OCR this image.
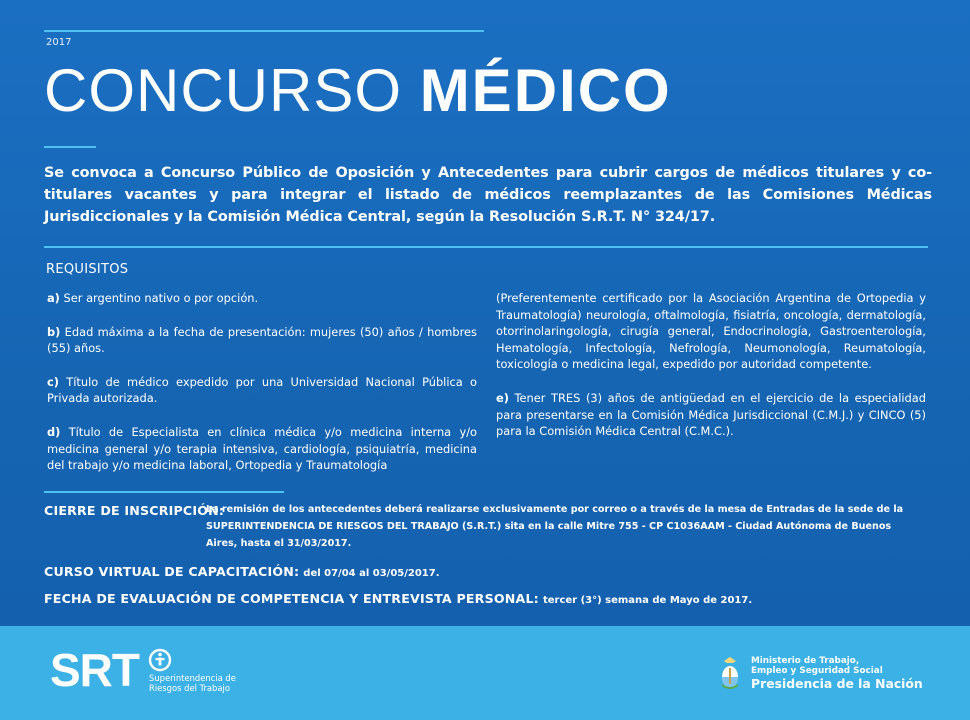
2017
CONCURSO MÉDICO
Se convoca a Concurso Público de Oposición y Antecedentes para cubrir cargos de médicos titulares y co-titulares vacantes y para integrar el listado de médicos reemplazantes de las Comisiones Médicas Jurisdiccionales y la Comisión Médica Central, según la Resolución S.R.T. N° 324/17.
REQUISITOS
a) Ser argentino nativo o por opción.
b) Edad máxima a la fecha de presentación: mujeres (50) años / hombres (55) años.
c) Título de médico expedido por una Universidad Nacional Pública o Privada autorizada.
d) Título de Especialista en clínica médica y/o medicina interna y/o medicina general y/o terapia intensiva, cardiología, psiquiatría, medicina del trabajo y/o medicina laboral, Ortopedia y Traumatología
(Preferentemente certificado por la Asociación Argentina de Ortopedia y Traumatología) neurología, oftalmología, fisiatría, oncología, dermatología, otorrinolaringología, cirugía general, Endocrinología, Gastroenterología, Hematología, Infectología, Nefrología, Neumonología, Reumatología, toxicología o medicina legal, expedido por autoridad competente.
e) Tener TRES (3) años de antigüedad en el ejercicio de la especialidad para presentarse en la Comisión Médica Jurisdiccional (C.M.J.) y CINCO (5) para la Comisión Médica Central (C.M.C.).
CIERRE DE INSCRIPCIÓN:
La remisión de los antecedentes deberá realizarse exclusivamente por correo o a través de la mesa de Entradas de la sede de la
SUPERINTENDENCIA DE RIESGOS DEL TRABAJO (S.R.T.) sita en la calle Mitre 755 - CP C1036AAM - Ciudad Autónoma de Buenos
Aires, hasta el 31/03/2017.
CURSO VIRTUAL DE CAPACITACIÓN: del 07/04 al 03/05/2017.
FECHA DE EVALUACIÓN DE COMPETENCIA Y ENTREVISTA PERSONAL: tercer (3°) semana de Mayo de 2017.
SRT Superintendencia de
Riesgos del Trabajo
Ministerio de Trabajo,
Empleo y Seguridad Social
Presidencia de la Nación
